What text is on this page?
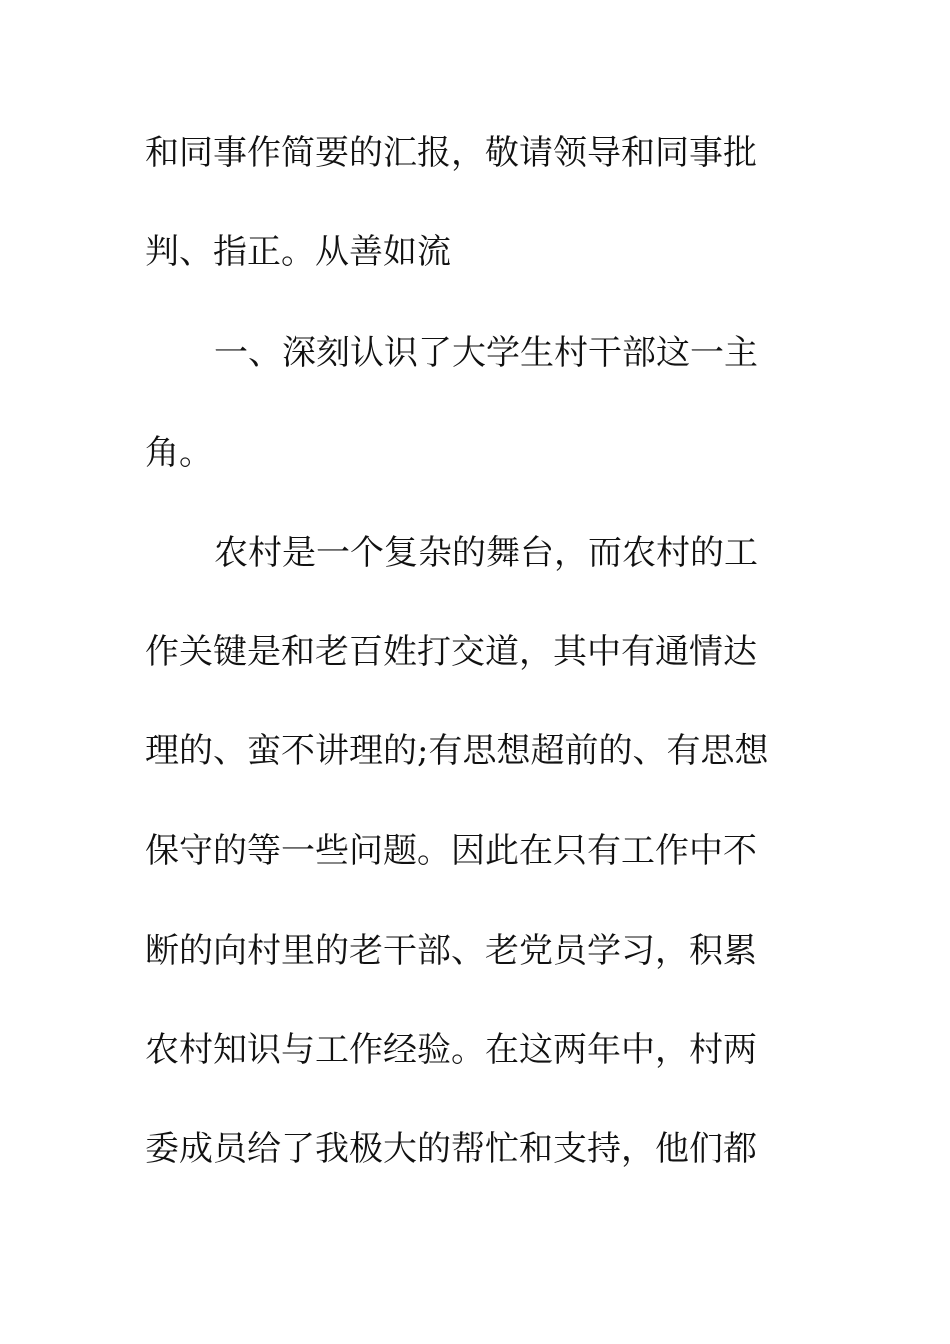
和同事作简要的汇报，敬请领导和同事批
判、指正。从善如流
一、深刻认识了大学生村干部这一主
角。
农村是一个复杂的舞台，而农村的工
作关键是和老百姓打交道，其中有通情达
理的、蛮不讲理的;有思想超前的、有思想
保守的等一些问题。因此在只有工作中不
断的向村里的老干部、老党员学习，积累
农村知识与工作经验。在这两年中，村两
委成员给了我极大的帮忙和支持，他们都
